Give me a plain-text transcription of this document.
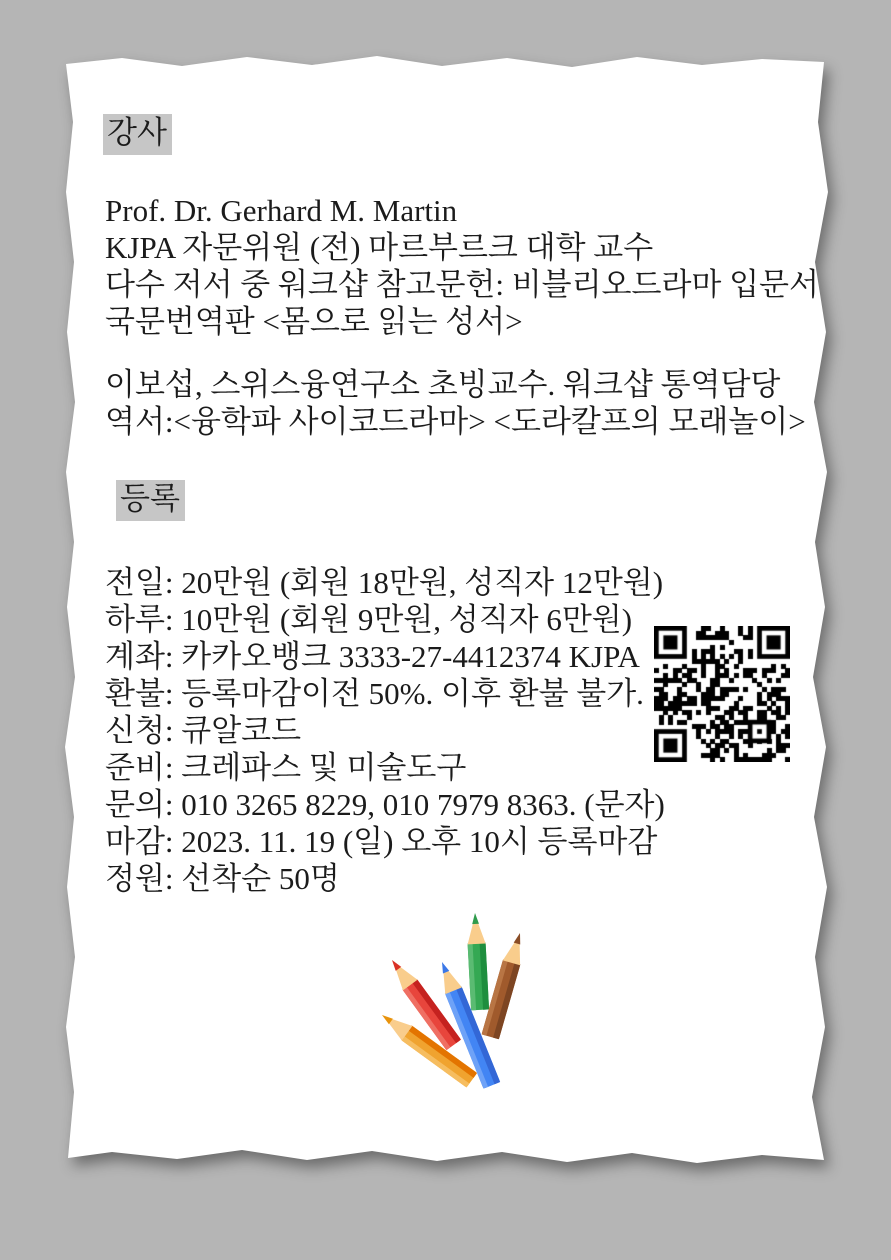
강사
Prof. Dr. Gerhard M. Martin
KJPA 자문위원 (전) 마르부르크 대학 교수
다수 저서 중 워크샵 참고문헌: 비블리오드라마 입문서 국문번역판 <몸으로 읽는 성서>
이보섭, 스위스융연구소 초빙교수. 워크샵 통역담당
역서:<융학파 사이코드라마> <도라칼프의 모래놀이>
등록
전일: 20만원 (회원 18만원, 성직자 12만원)
하루: 10만원 (회원 9만원, 성직자 6만원)
계좌: 카카오뱅크 3333-27-4412374 KJPA
환불: 등록마감이전 50%. 이후 환불 불가.
신청: 큐알코드
준비: 크레파스 및 미술도구
문의: 010 3265 8229, 010 7979 8363. (문자)
마감: 2023. 11. 19 (일) 오후 10시 등록마감
정원: 선착순 50명
